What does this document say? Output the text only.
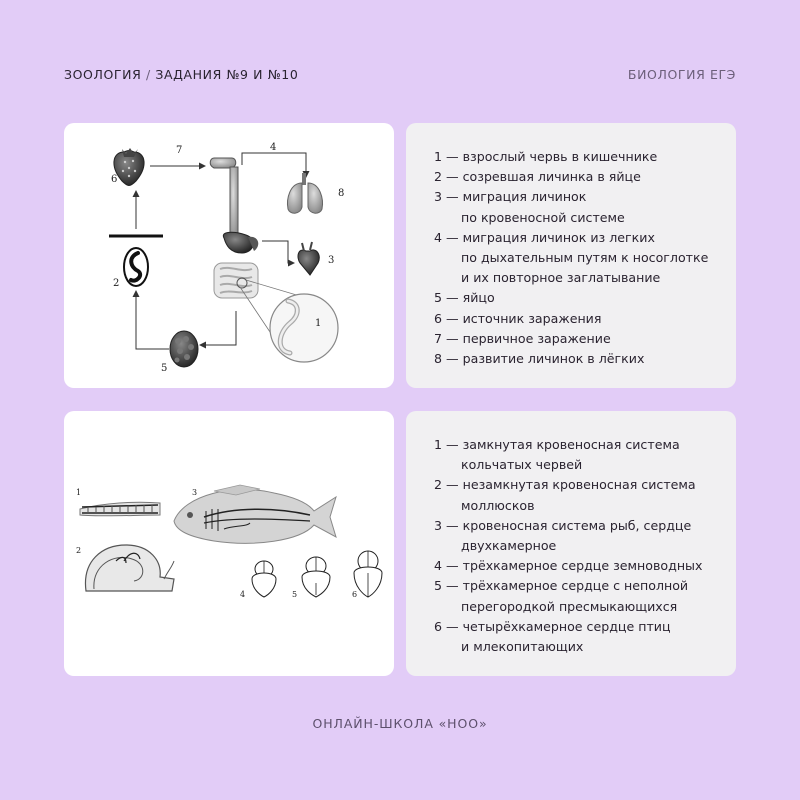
ЗООЛОГИЯ / ЗАДАНИЯ №9 И №10	БИОЛОГИЯ ЕГЭ
1
2
3
4
5
6
7
8
1 — взрослый червь в кишечнике
2 — созревшая личинка в яйце
3 — миграция личинок
по кровеносной системе
4 — миграция личинок из легких
по дыхательным путям к носоглотке
и их повторное заглатывание
5 — яйцо
6 — источник заражения
7 — первичное заражение
8 — развитие личинок в лёгких
1
2
3
4	5	6
1 — замкнутая кровеносная система
кольчатых червей
2 — незамкнутая кровеносная система
моллюсков
3 — кровеносная система рыб, сердце
двухкамерное
4 — трёхкамерное сердце земноводных
5 — трёхкамерное сердце с неполной
перегородкой пресмыкающихся
6 — четырёхкамерное сердце птиц
и млекопитающих
ОНЛАЙН-ШКОЛА «НОО»
